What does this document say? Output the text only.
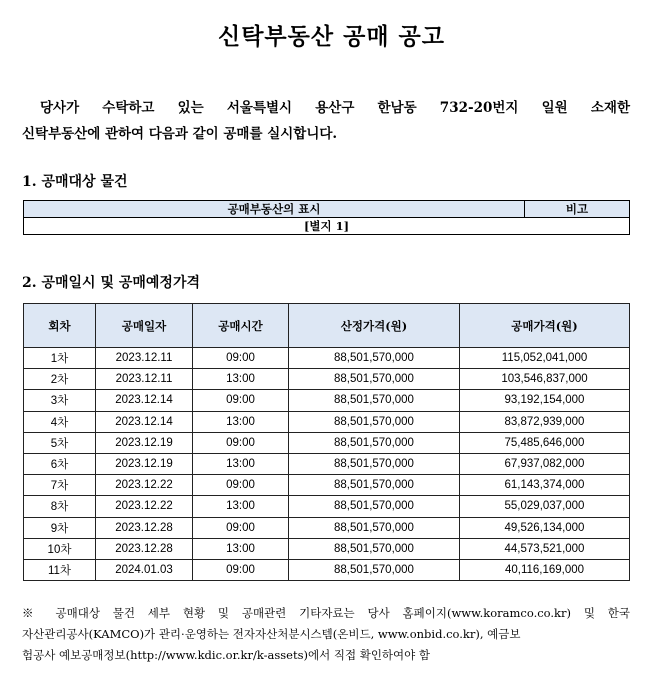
신탁부동산 공매 공고
당사가 수탁하고 있는 서울특별시 용산구 한남동 732-20번지 일원 소재한
신탁부동산에 관하여 다음과 같이 공매를 실시합니다.
1. 공매대상 물건
공매부동산의 표시	비고
[별지 1]
2. 공매일시 및 공매예정가격
회차	공매일자	공매시간	산정가격(원)	공매가격(원)
1차	2023.12.11	09:00	88,501,570,000	115,052,041,000
2차	2023.12.11	13:00	88,501,570,000	103,546,837,000
3차	2023.12.14	09:00	88,501,570,000	93,192,154,000
4차	2023.12.14	13:00	88,501,570,000	83,872,939,000
5차	2023.12.19	09:00	88,501,570,000	75,485,646,000
6차	2023.12.19	13:00	88,501,570,000	67,937,082,000
7차	2023.12.22	09:00	88,501,570,000	61,143,374,000
8차	2023.12.22	13:00	88,501,570,000	55,029,037,000
9차	2023.12.28	09:00	88,501,570,000	49,526,134,000
10차	2023.12.28	13:00	88,501,570,000	44,573,521,000
11차	2024.01.03	09:00	88,501,570,000	40,116,169,000
※ 공매대상 물건 세부 현황 및 공매관련 기타자료는 당사 홈페이지(www.koramco.co.kr) 및 한국
자산관리공사(KAMCO)가 관리·운영하는 전자자산처분시스템(온비드, www.onbid.co.kr), 예금보
험공사 예보공매정보(http://www.kdic.or.kr/k-assets)에서 직접 확인하여야 함
